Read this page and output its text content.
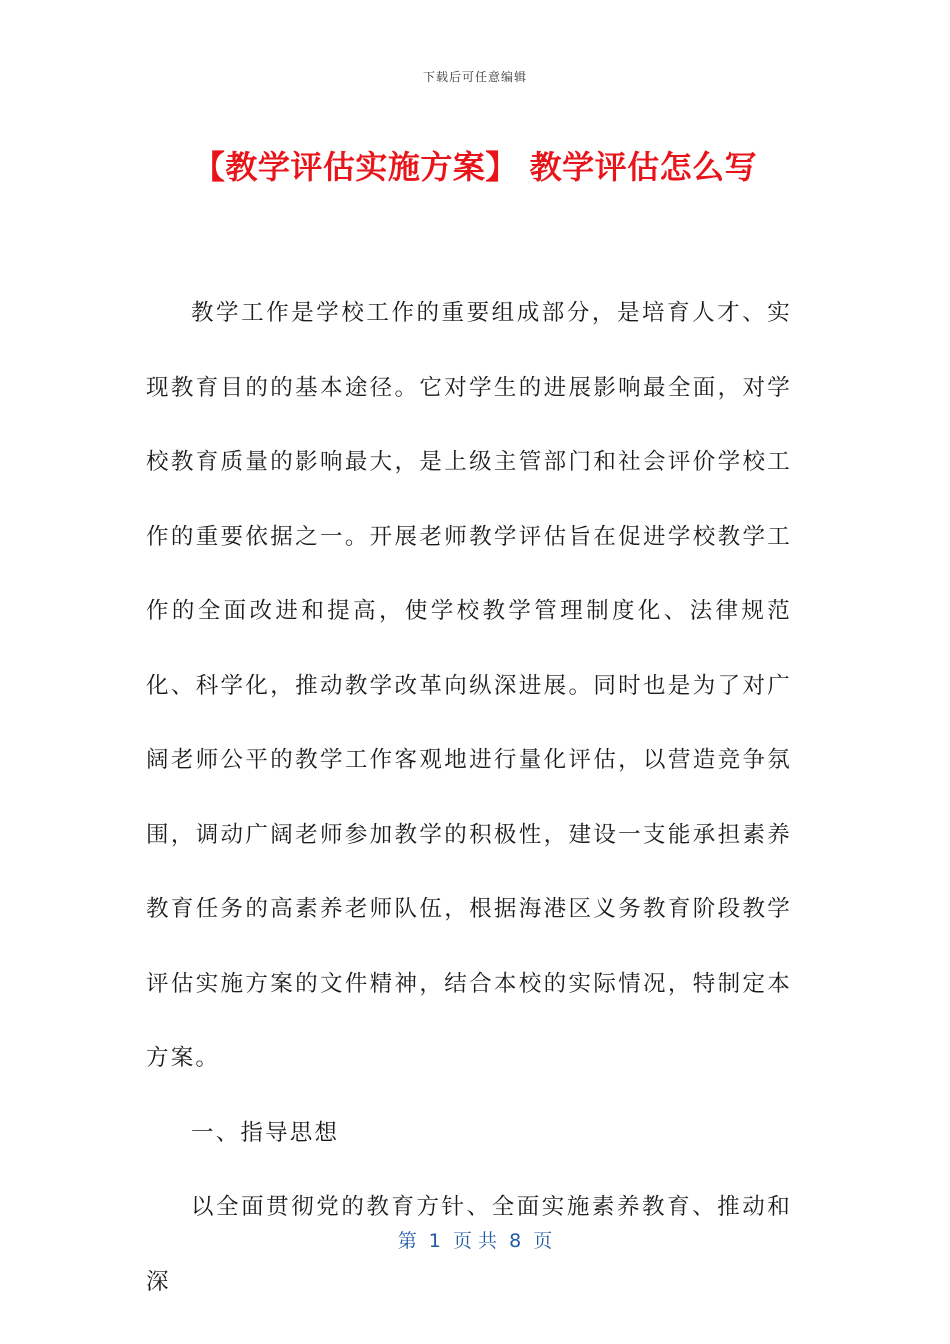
下载后可任意编辑
【教学评估实施方案】 教学评估怎么写

教学工作是学校工作的重要组成部分，是培育人才、实现教育目的的基本途径。它对学生的进展影响最全面，对学校教育质量的影响最大，是上级主管部门和社会评价学校工作的重要依据之一。开展老师教学评估旨在促进学校教学工作的全面改进和提高，使学校教学管理制度化、法律规范化、科学化，推动教学改革向纵深进展。同时也是为了对广阔老师公平的教学工作客观地进行量化评估，以营造竞争氛围，调动广阔老师参加教学的积极性，建设一支能承担素养教育任务的高素养老师队伍，根据海港区义务教育阶段教学评估实施方案的文件精神，结合本校的实际情况，特制定本方案。

一、指导思想

以全面贯彻党的教育方针、全面实施素养教育、推动和深

第  1  页 共  8  页
